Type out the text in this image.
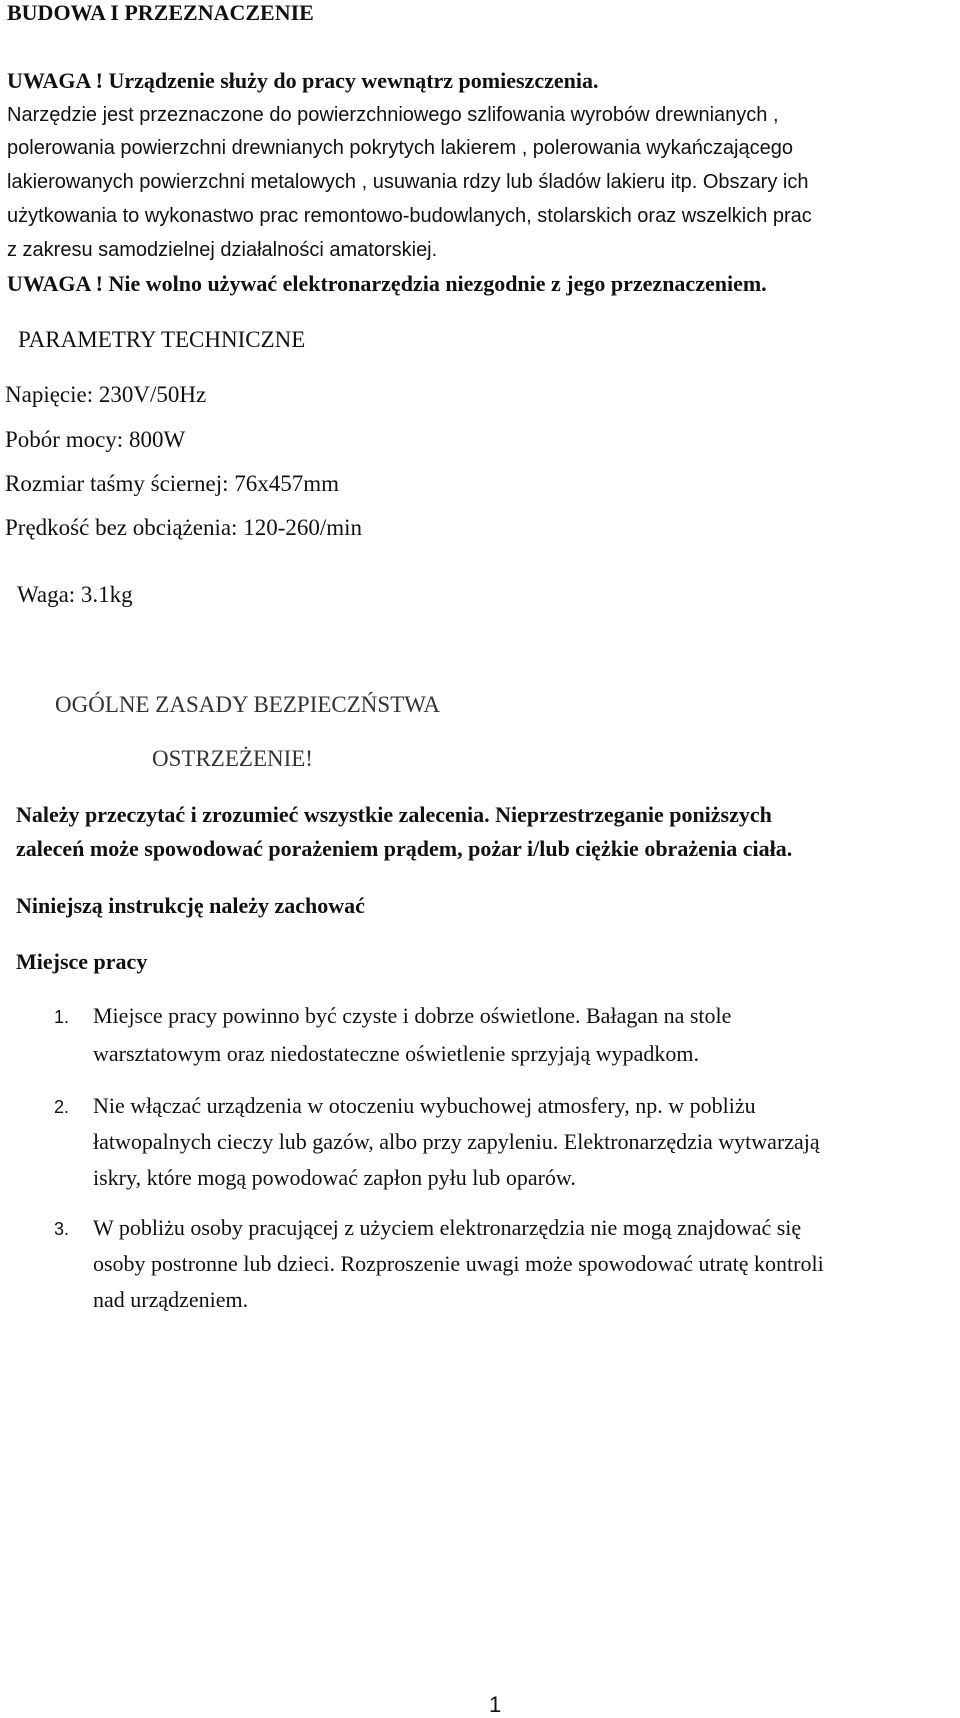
BUDOWA I PRZEZNACZENIE
UWAGA ! Urządzenie służy do pracy wewnątrz pomieszczenia.
Narzędzie jest przeznaczone do powierzchniowego szlifowania wyrobów drewnianych ,
polerowania powierzchni drewnianych pokrytych lakierem , polerowania wykańczającego
lakierowanych powierzchni metalowych , usuwania rdzy lub śladów lakieru itp. Obszary ich
użytkowania to wykonastwo prac remontowo-budowlanych, stolarskich oraz wszelkich prac
z zakresu samodzielnej działalności amatorskiej.
UWAGA ! Nie wolno używać elektronarzędzia niezgodnie z jego przeznaczeniem.
PARAMETRY TECHNICZNE
Napięcie: 230V/50Hz
Pobór mocy: 800W
Rozmiar taśmy ściernej: 76x457mm
Prędkość bez obciążenia: 120-260/min
Waga: 3.1kg
OGÓLNE ZASADY BEZPIECZŃSTWA
OSTRZEŻENIE!
Należy przeczytać i zrozumieć wszystkie zalecenia. Nieprzestrzeganie poniższych
zaleceń może spowodować porażeniem prądem, pożar i/lub ciężkie obrażenia ciała.
Niniejszą instrukcję należy zachować
Miejsce pracy
1. Miejsce pracy powinno być czyste i dobrze oświetlone. Bałagan na stole
warsztatowym oraz niedostateczne oświetlenie sprzyjają wypadkom.
2. Nie włączać urządzenia w otoczeniu wybuchowej atmosfery, np. w pobliżu
łatwopalnych cieczy lub gazów, albo przy zapyleniu. Elektronarzędzia wytwarzają
iskry, które mogą powodować zapłon pyłu lub oparów.
3. W pobliżu osoby pracującej z użyciem elektronarzędzia nie mogą znajdować się
osoby postronne lub dzieci. Rozproszenie uwagi może spowodować utratę kontroli
nad urządzeniem.
1
